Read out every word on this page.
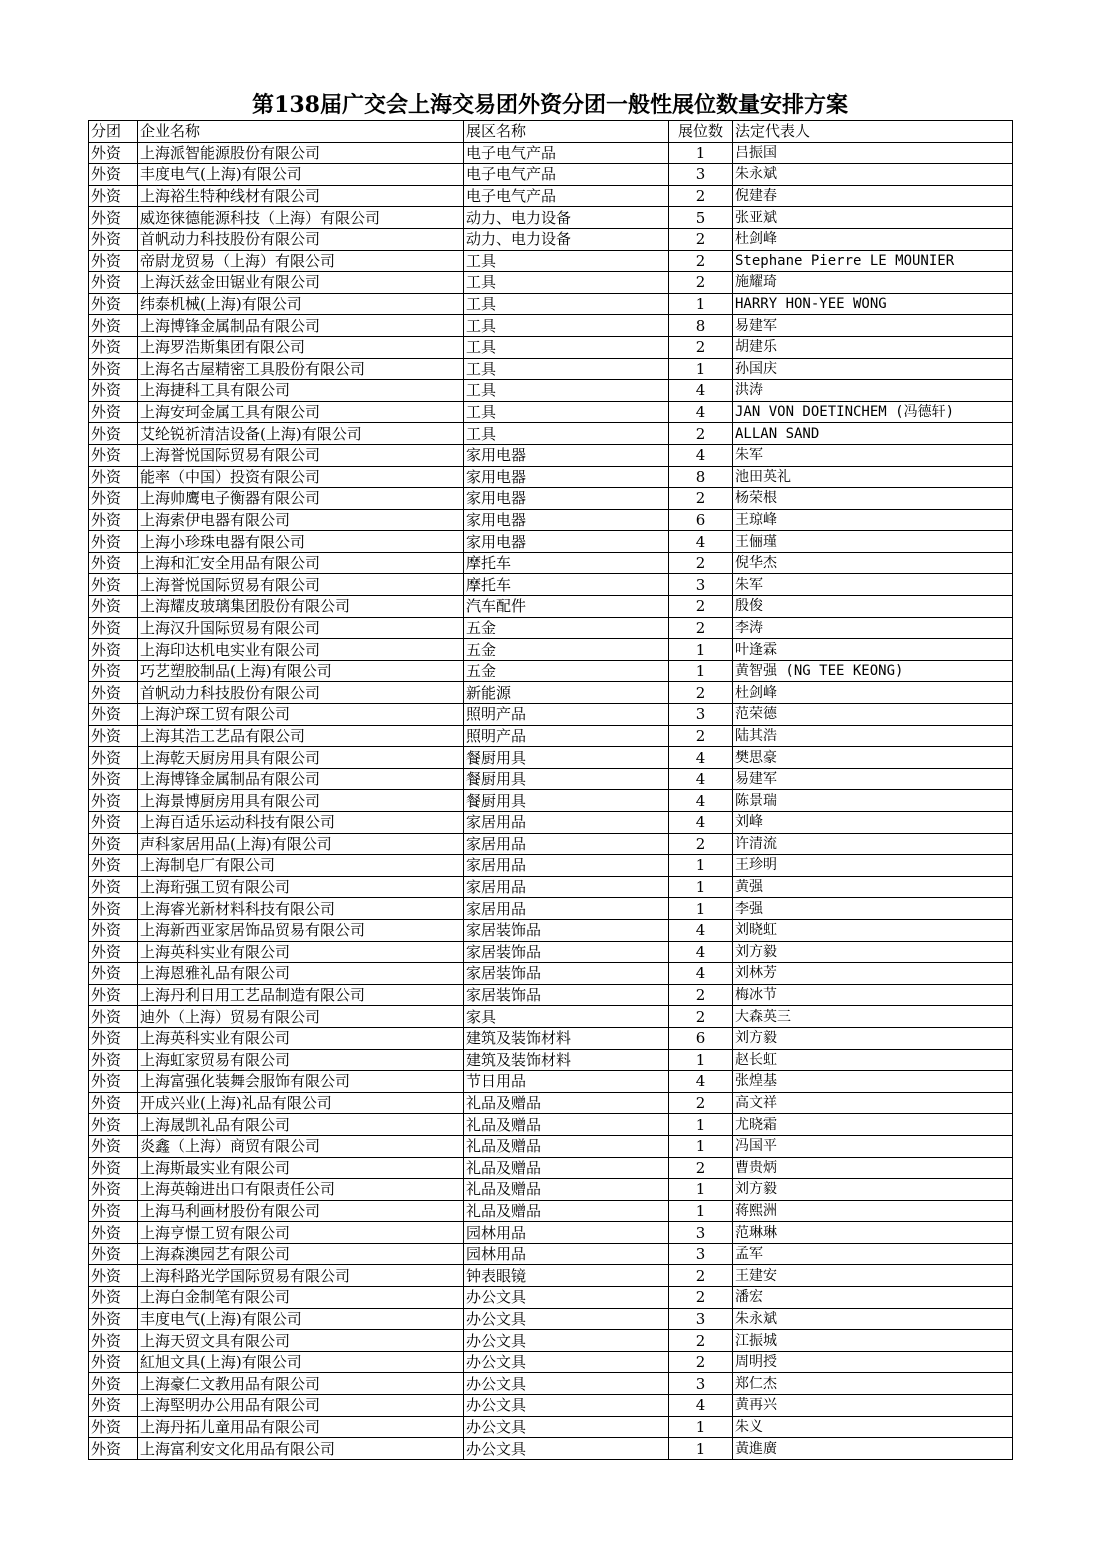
第138届广交会上海交易团外资分团一般性展位数量安排方案
分团	企业名称	展区名称	展位数	法定代表人
外资	上海派智能源股份有限公司	电子电气产品	1	吕振国
外资	丰度电气(上海)有限公司	电子电气产品	3	朱永斌
外资	上海裕生特种线材有限公司	电子电气产品	2	倪建春
外资	威迩徕德能源科技（上海）有限公司	动力、电力设备	5	张亚斌
外资	首帆动力科技股份有限公司	动力、电力设备	2	杜剑峰
外资	帝尉龙贸易（上海）有限公司	工具	2	Stephane Pierre LE MOUNIER
外资	上海沃兹金田锯业有限公司	工具	2	施耀琦
外资	纬泰机械(上海)有限公司	工具	1	HARRY HON-YEE WONG
外资	上海博锋金属制品有限公司	工具	8	易建军
外资	上海罗浩斯集团有限公司	工具	2	胡建乐
外资	上海名古屋精密工具股份有限公司	工具	1	孙国庆
外资	上海捷科工具有限公司	工具	4	洪涛
外资	上海安珂金属工具有限公司	工具	4	JAN VON DOETINCHEM (冯德轩)
外资	艾纶锐祈清洁设备(上海)有限公司	工具	2	ALLAN SAND
外资	上海誉悦国际贸易有限公司	家用电器	4	朱军
外资	能率（中国）投资有限公司	家用电器	8	池田英礼
外资	上海帅鹰电子衡器有限公司	家用电器	2	杨荣根
外资	上海索伊电器有限公司	家用电器	6	王琼峰
外资	上海小珍珠电器有限公司	家用电器	4	王俪瑾
外资	上海和汇安全用品有限公司	摩托车	2	倪华杰
外资	上海誉悦国际贸易有限公司	摩托车	3	朱军
外资	上海耀皮玻璃集团股份有限公司	汽车配件	2	殷俊
外资	上海汉升国际贸易有限公司	五金	2	李涛
外资	上海印达机电实业有限公司	五金	1	叶逢霖
外资	巧艺塑胶制品(上海)有限公司	五金	1	黄智强 (NG TEE KEONG)
外资	首帆动力科技股份有限公司	新能源	2	杜剑峰
外资	上海沪琛工贸有限公司	照明产品	3	范荣德
外资	上海其浩工艺品有限公司	照明产品	2	陆其浩
外资	上海乾天厨房用具有限公司	餐厨用具	4	樊思豪
外资	上海博锋金属制品有限公司	餐厨用具	4	易建军
外资	上海景博厨房用具有限公司	餐厨用具	4	陈景瑞
外资	上海百适乐运动科技有限公司	家居用品	4	刘峰
外资	声科家居用品(上海)有限公司	家居用品	2	许清流
外资	上海制皂厂有限公司	家居用品	1	王珍明
外资	上海珩强工贸有限公司	家居用品	1	黄强
外资	上海睿光新材料科技有限公司	家居用品	1	李强
外资	上海新西亚家居饰品贸易有限公司	家居装饰品	4	刘晓虹
外资	上海英科实业有限公司	家居装饰品	4	刘方毅
外资	上海恩雅礼品有限公司	家居装饰品	4	刘林芳
外资	上海丹利日用工艺品制造有限公司	家居装饰品	2	梅冰节
外资	迪外（上海）贸易有限公司	家具	2	大森英三
外资	上海英科实业有限公司	建筑及装饰材料	6	刘方毅
外资	上海虹家贸易有限公司	建筑及装饰材料	1	赵长虹
外资	上海富强化装舞会服饰有限公司	节日用品	4	张煌基
外资	开成兴业(上海)礼品有限公司	礼品及赠品	2	高文祥
外资	上海晟凯礼品有限公司	礼品及赠品	1	尤晓霜
外资	炎鑫（上海）商贸有限公司	礼品及赠品	1	冯国平
外资	上海斯最实业有限公司	礼品及赠品	2	曹贵炳
外资	上海英翰进出口有限责任公司	礼品及赠品	1	刘方毅
外资	上海马利画材股份有限公司	礼品及赠品	1	蒋熙洲
外资	上海亨憬工贸有限公司	园林用品	3	范琳琳
外资	上海森澳园艺有限公司	园林用品	3	孟军
外资	上海科路光学国际贸易有限公司	钟表眼镜	2	王建安
外资	上海白金制笔有限公司	办公文具	2	潘宏
外资	丰度电气(上海)有限公司	办公文具	3	朱永斌
外资	上海天贸文具有限公司	办公文具	2	江振城
外资	紅旭文具(上海)有限公司	办公文具	2	周明授
外资	上海豪仁文教用品有限公司	办公文具	3	郑仁杰
外资	上海堅明办公用品有限公司	办公文具	4	黄再兴
外资	上海丹拓儿童用品有限公司	办公文具	1	朱义
外资	上海富利安文化用品有限公司	办公文具	1	黃進廣
